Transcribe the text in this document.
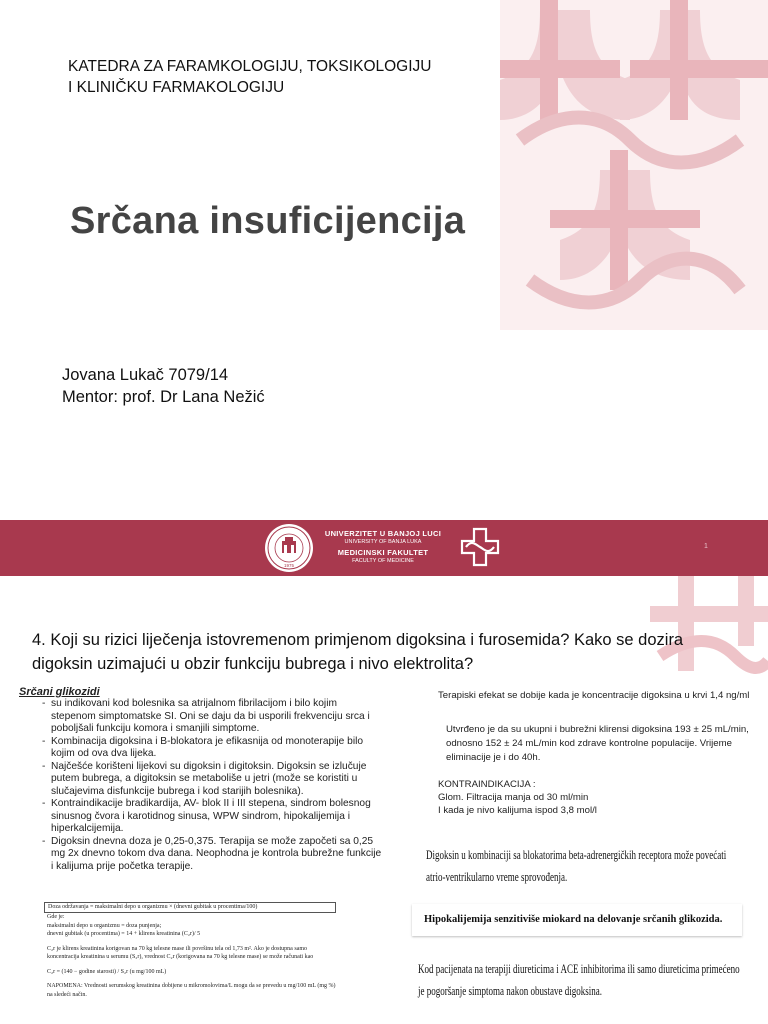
KATEDRA ZA FARAMKOLOGIJU, TOKSIKOLOGIJU
I KLINIČKU FARMAKOLOGIJU
Srčana insuficijencija
Jovana Lukač 7079/14
Mentor: prof. Dr Lana Nežić
1975
UNIVERZITET U BANJOJ LUCI
UNIVERSITY OF BANJA LUKA
MEDICINSKI FAKULTET
FACULTY OF MEDICINE
1
4. Koji su rizici liječenja istovremenom primjenom digoksina i furosemida? Kako se dozira digoksin uzimajući u obzir funkciju bubrega i nivo elektrolita?
Srčani glikozidi
- su indikovani kod bolesnika sa atrijalnom fibrilacijom i bilo kojim stepenom simptomatske SI. Oni se daju da bi usporili frekvenciju srca i poboljšali funkciju komora i smanjili simptome.
- Kombinacija digoksina i B-blokatora je efikasnija od monoterapije bilo kojim od ova dva lijeka.
- Najčešće korišteni lijekovi su digoksin i digitoksin. Digoksin se izlučuje putem bubrega, a digitoksin se metaboliše u jetri (može se koristiti u slučajevima disfunkcije bubrega i kod starijih bolesnika).
- Kontraindikacije bradikardija, AV- blok II i III stepena, sindrom bolesnog sinusnog čvora i karotidnog sinusa, WPW sindrom, hipokalijemija i hiperkalcijemija.
- Digoksin dnevna doza je 0,25-0,375. Terapija se može započeti sa 0,25 mg 2x dnevno tokom dva dana. Neophodna je kontrola bubrežne funkcije i kalijuma prije početka terapije.
Terapiski efekat se dobije kada je koncentracije digoksina u krvi 1,4 ng/ml
Utvrđeno je da su ukupni i bubrežni klirensi digoksina 193 ± 25 mL/min, odnosno 152 ± 24 mL/min kod zdrave kontrolne populacije. Vrijeme eliminacije je i do 40h.
KONTRAINDIKACIJA :
Glom. Filtracija manja od 30 ml/min
I kada je nivo kalijuma ispod 3,8 mol/l

Digoksin u kombinaciji sa blokatorima beta-adrenergičkih receptora može povećati atrio-ventrikularno vreme sprovođenja.

Hipokalijemija senzitiviše miokard na delovanje srčanih glikozida.

Kod pacijenata na terapiji diureticima i ACE inhibitorima ili samo diureticima primećeno je pogoršanje simptoma nakon obustave digoksina.

Doza održavanja = maksimalni depo u organizmu × (dnevni gubitak u procentima/100)
Gde je:
maksimalni depo u organizmu = doza punjenja;
dnevni gubitak (u procentima) = 14 + klirens kreatinina (C₂r)/ 5
C₂r je klirens kreatinina korigovan na 70 kg telesne mase ili površinu tela od 1,73 m². Ako je dostupna samo koncentracija kreatinina u serumu (S₂r), vrednost C₂r (korigovana na 70 kg telesne mase) se može računati kao
C₂r = (140 − godine starosti) / S₂r (u mg/100 mL)
NAPOMENA: Vrednosti serumskog kreatinina dobijene u mikromolovima/L mogu da se prevedu u mg/100 mL (mg %) na sledeći način.
